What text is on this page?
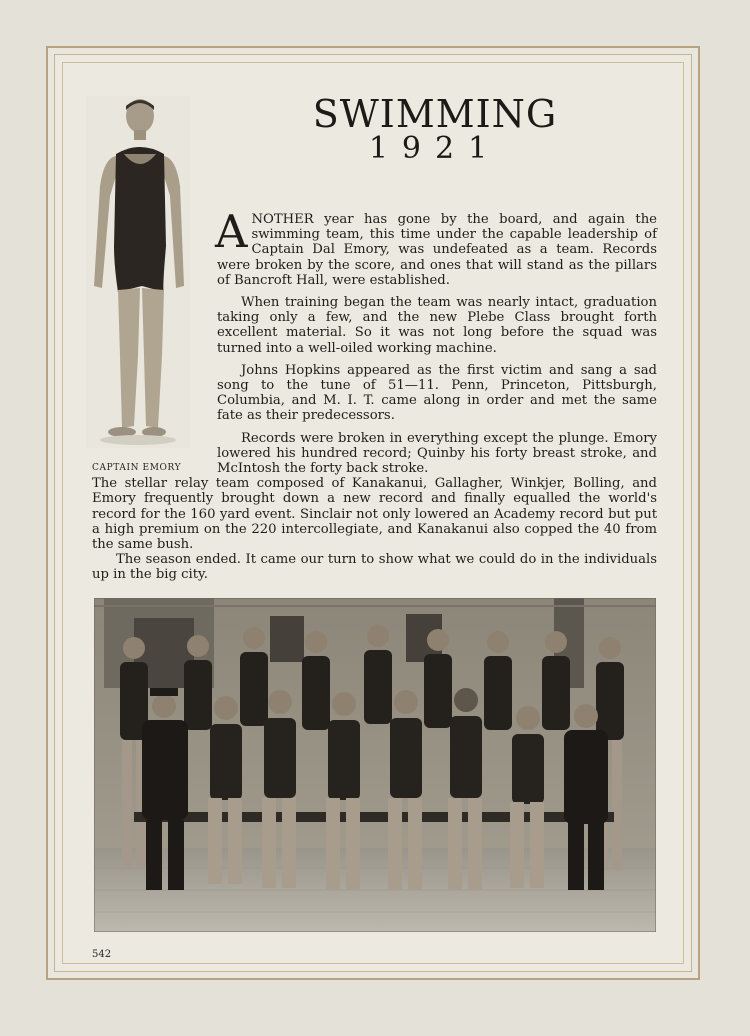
SWIMMING
1921
CAPTAIN EMORY

ANOTHER year has gone by the board, and again the swimming team, this time under the capable leadership of Captain Dal Emory, was undefeated as a team. Records were broken by the score, and ones that will stand as the pillars of Bancroft Hall, were established.

When training began the team was nearly intact, graduation taking only a few, and the new Plebe Class brought forth excellent material. So it was not long before the squad was turned into a well-oiled working machine.

Johns Hopkins appeared as the first victim and sang a sad song to the tune of 51—11. Penn, Princeton, Pittsburgh, Columbia, and M. I. T. came along in order and met the same fate as their predecessors.

Records were broken in everything except the plunge. Emory lowered his hundred record; Quinby his forty breast stroke, and McIntosh the forty back stroke.

The stellar relay team composed of Kanakanui, Gallagher, Winkjer, Bolling, and Emory frequently brought down a new record and finally equalled the world's record for the 160 yard event. Sinclair not only lowered an Academy record but put a high premium on the 220 intercollegiate, and Kanakanui also copped the 40 from the same bush.

The season ended. It came our turn to show what we could do in the individuals up in the big city.

542
